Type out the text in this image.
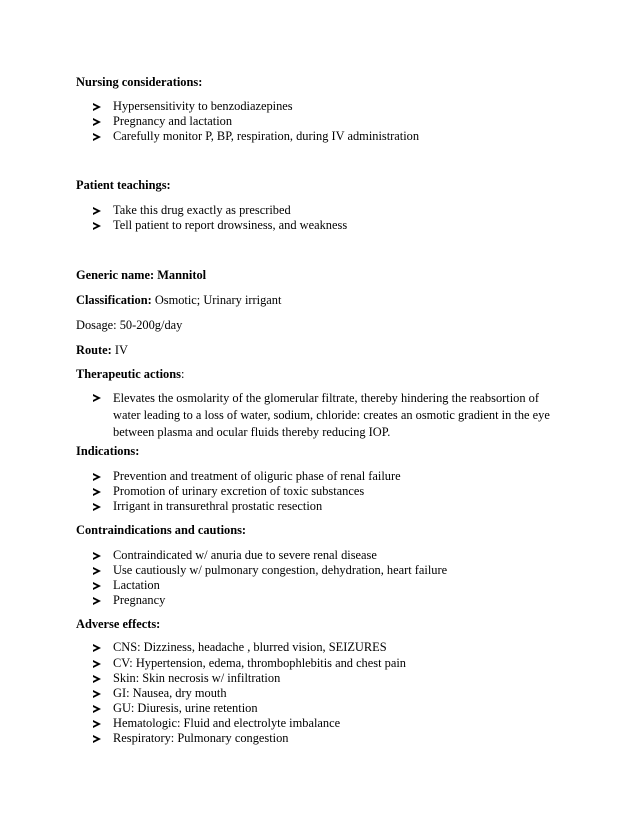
Nursing considerations:
Hypersensitivity to benzodiazepines
Pregnancy and lactation
Carefully monitor P, BP, respiration, during IV administration
Patient teachings:
Take this drug exactly as prescribed
Tell patient to report drowsiness, and weakness
Generic name: Mannitol
Classification: Osmotic; Urinary irrigant
Dosage: 50-200g/day
Route: IV
Therapeutic actions:
Elevates the osmolarity of the glomerular filtrate, thereby hindering the reabsortion of water leading to a loss of water, sodium, chloride: creates an osmotic gradient in the eye between plasma and ocular fluids thereby reducing IOP.
Indications:
Prevention and treatment of oliguric phase of renal failure
Promotion of urinary excretion of toxic substances
Irrigant in transurethral prostatic resection
Contraindications and cautions:
Contraindicated w/ anuria due to severe renal disease
Use cautiously w/ pulmonary congestion, dehydration, heart failure
Lactation
Pregnancy
Adverse effects:
CNS: Dizziness, headache , blurred vision, SEIZURES
CV: Hypertension, edema, thrombophlebitis and chest pain
Skin: Skin necrosis w/ infiltration
GI: Nausea, dry mouth
GU: Diuresis, urine retention
Hematologic: Fluid and electrolyte imbalance
Respiratory: Pulmonary congestion
